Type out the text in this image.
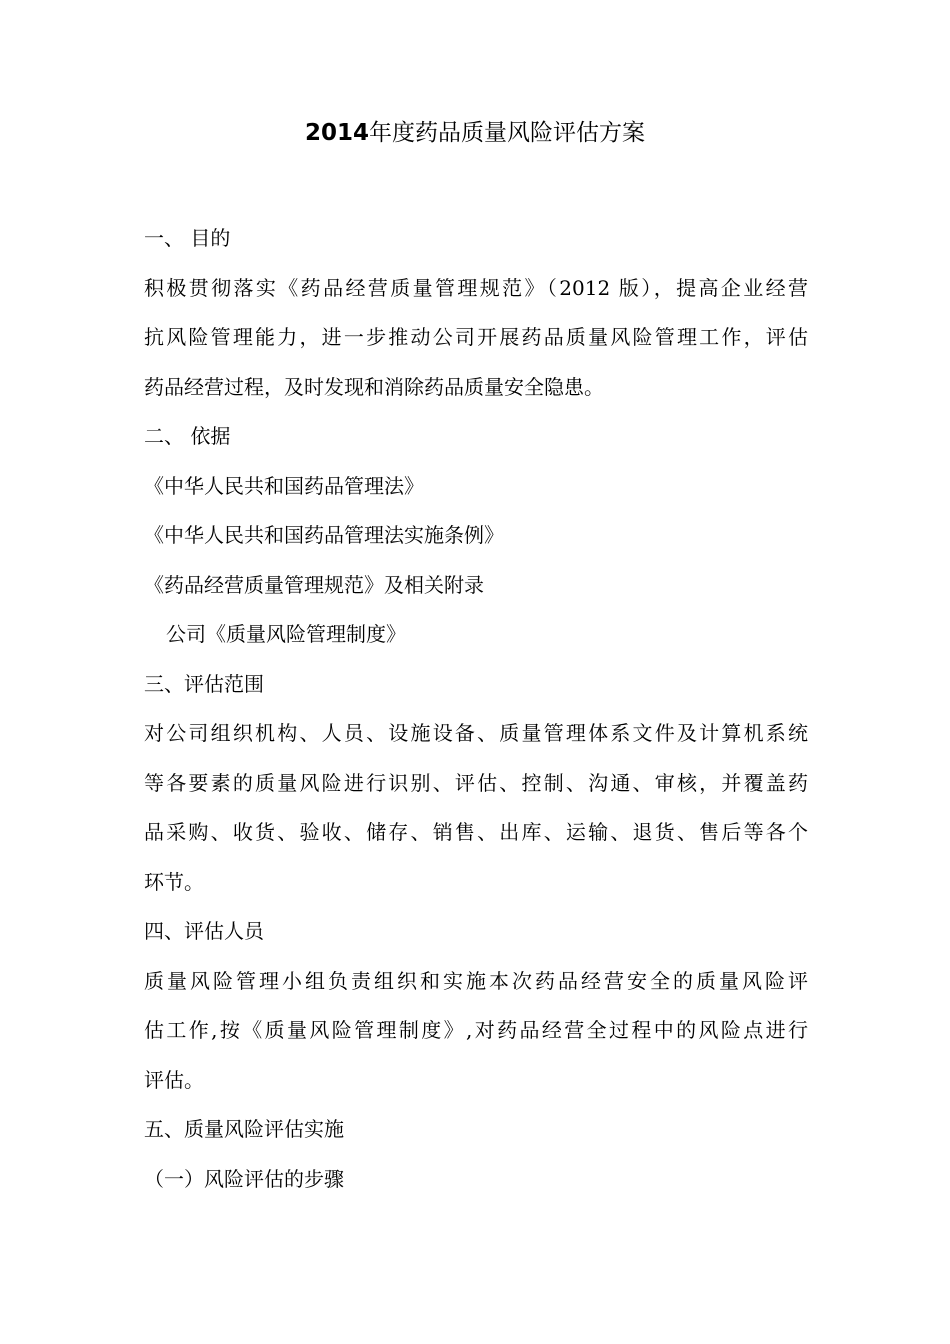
2014年度药品质量风险评估方案
一、 目的
积极贯彻落实《药品经营质量管理规范》（2012 版），提高企业经营
抗风险管理能力，进一步推动公司开展药品质量风险管理工作，评估
药品经营过程，及时发现和消除药品质量安全隐患。
二、 依据
《中华人民共和国药品管理法》
《中华人民共和国药品管理法实施条例》
《药品经营质量管理规范》及相关附录
公司《质量风险管理制度》
三、评估范围
对公司组织机构、人员、设施设备、质量管理体系文件及计算机系统
等各要素的质量风险进行识别、评估、控制、沟通、审核，并覆盖药
品采购、收货、验收、储存、销售、出库、运输、退货、售后等各个
环节。
四、评估人员
质量风险管理小组负责组织和实施本次药品经营安全的质量风险评
估工作,按《质量风险管理制度》,对药品经营全过程中的风险点进行
评估。
五、质量风险评估实施
（一）风险评估的步骤
